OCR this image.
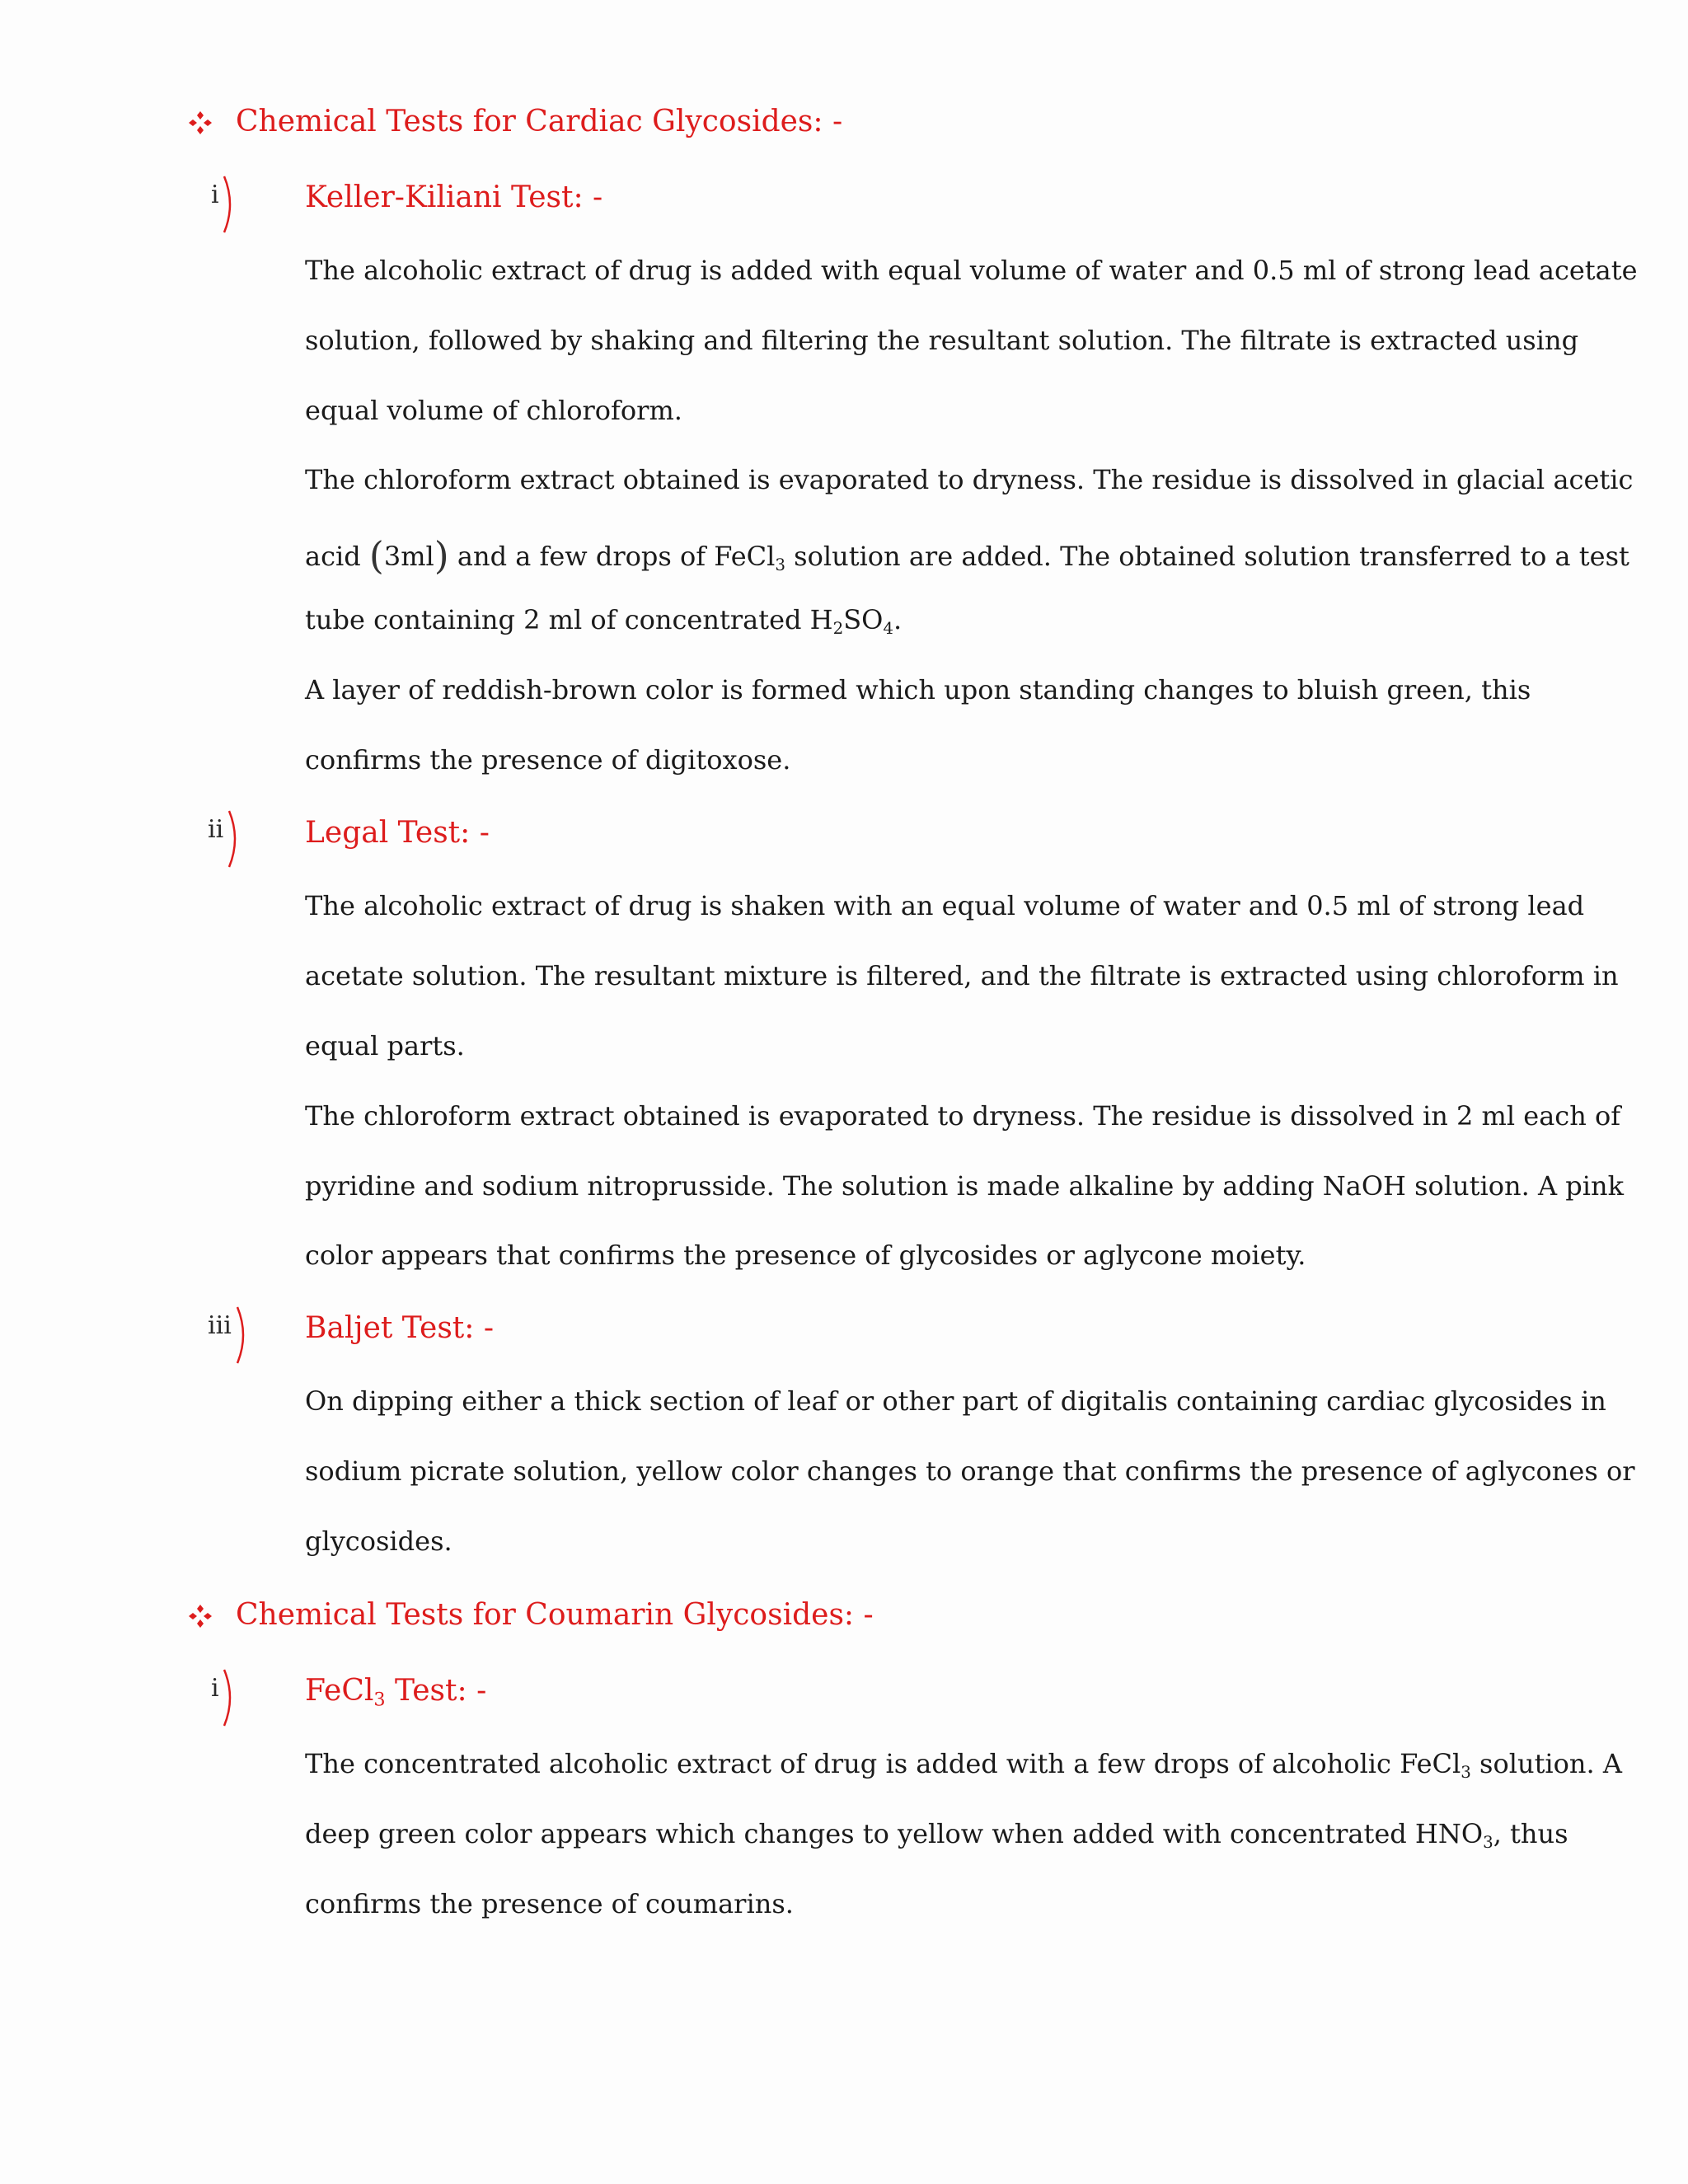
Chemical Tests for Cardiac Glycosides: -
i	Keller-Kiliani Test: -
The alcoholic extract of drug is added with equal volume of water and 0.5 ml of strong lead acetate
solution, followed by shaking and filtering the resultant solution. The filtrate is extracted using
equal volume of chloroform.
The chloroform extract obtained is evaporated to dryness. The residue is dissolved in glacial acetic
acid (3ml) and a few drops of FeCl$_3$ solution are added. The obtained solution transferred to a test
tube containing 2 ml of concentrated $H_2SO_4$.
A layer of reddish-brown color is formed which upon standing changes to bluish green, this
confirms the presence of digitoxose.
ii	Legal Test: -
The alcoholic extract of drug is shaken with an equal volume of water and 0.5 ml of strong lead
acetate solution. The resultant mixture is filtered, and the filtrate is extracted using chloroform in
equal parts.
The chloroform extract obtained is evaporated to dryness. The residue is dissolved in 2 ml each of
pyridine and sodium nitroprusside. The solution is made alkaline by adding NaOH solution. A pink
color appears that confirms the presence of glycosides or aglycone moiety.
iii Baljet Test: -
On dipping either a thick section of leaf or other part of digitalis containing cardiac glycosides in
sodium picrate solution, yellow color changes to orange that confirms the presence of aglycones or
glycosides.
Chemical Tests for Coumarin Glycosides: -
i	FeCl$_3$ Test: -
The concentrated alcoholic extract of drug is added with a few drops of alcoholic FeCl$_3$ solution. A
deep green color appears which changes to yellow when added with concentrated $HNO_3$, thus
confirms the presence of coumarins.
